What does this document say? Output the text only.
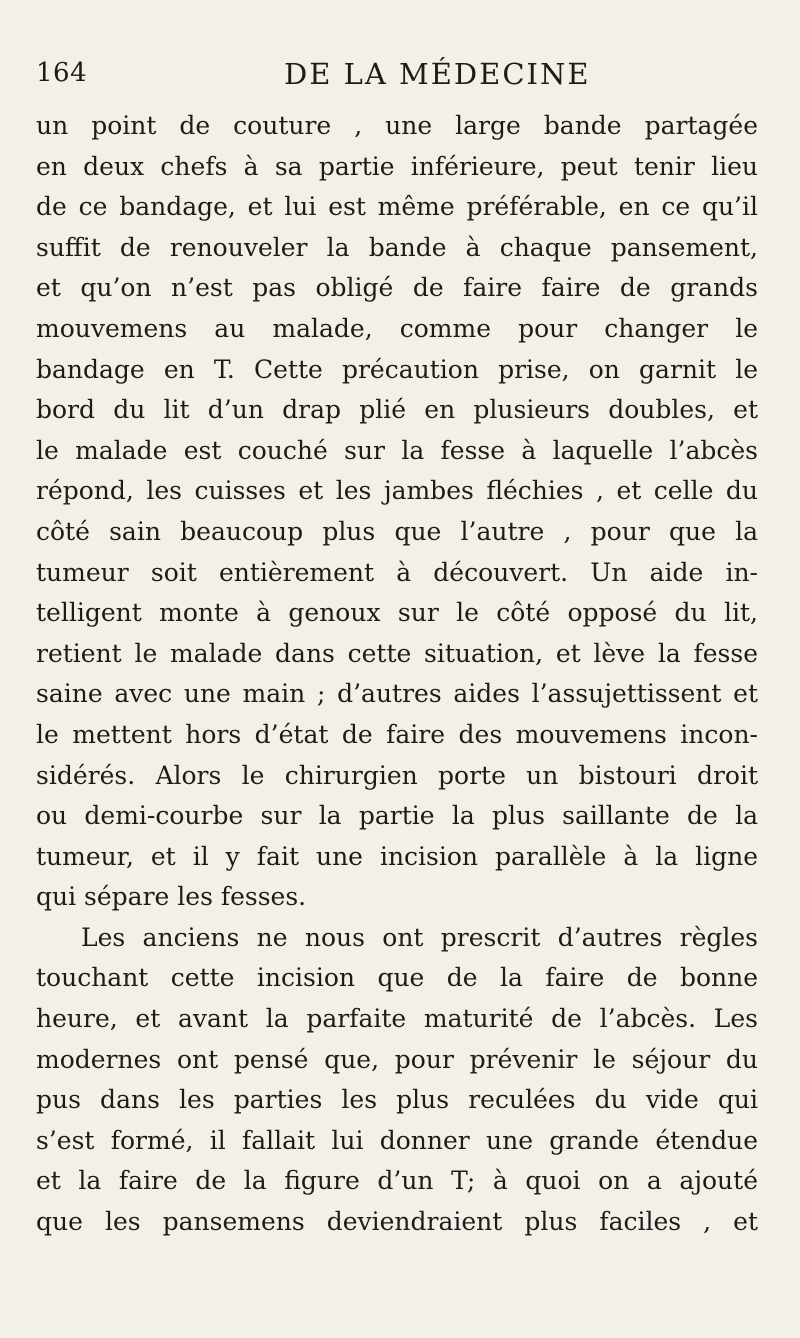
164	DE LA MÉDECINE
un point de couture , une large bande partagée
en deux chefs à sa partie inférieure, peut tenir lieu
de ce bandage, et lui est même préférable, en ce qu’il
suffit de renouveler la bande à chaque pansement,
et qu’on n’est pas obligé de faire faire de grands
mouvemens au malade, comme pour changer le
bandage en T. Cette précaution prise, on garnit le
bord du lit d’un drap plié en plusieurs doubles, et
le malade est couché sur la fesse à laquelle l’abcès
répond, les cuisses et les jambes fléchies , et celle du
côté sain beaucoup plus que l’autre , pour que la
tumeur soit entièrement à découvert. Un aide in-
telligent monte à genoux sur le côté opposé du lit,
retient le malade dans cette situation, et lève la fesse
saine avec une main ; d’autres aides l’assujettissent et
le mettent hors d’état de faire des mouvemens incon-
sidérés. Alors le chirurgien porte un bistouri droit
ou demi-courbe sur la partie la plus saillante de la
tumeur, et il y fait une incision parallèle à la ligne
qui sépare les fesses.
Les anciens ne nous ont prescrit d’autres règles
touchant cette incision que de la faire de bonne
heure, et avant la parfaite maturité de l’abcès. Les
modernes ont pensé que, pour prévenir le séjour du
pus dans les parties les plus reculées du vide qui
s’est formé, il fallait lui donner une grande étendue
et la faire de la figure d’un T; à quoi on a ajouté
que les pansemens deviendraient plus faciles , et
